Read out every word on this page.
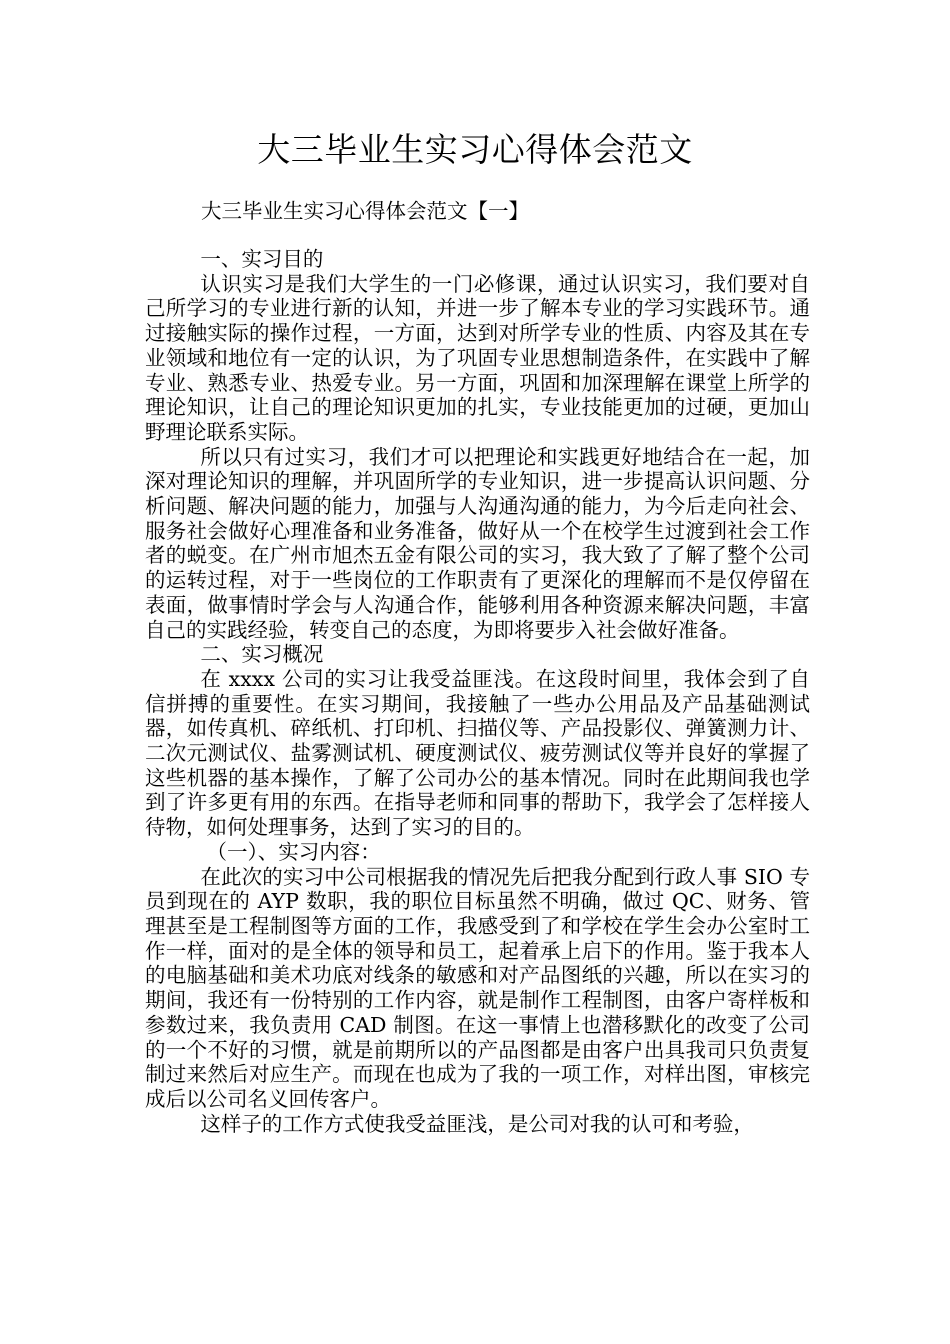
大三毕业生实习心得体会范文

大三毕业生实习心得体会范文【一】

一、实习目的

认识实习是我们大学生的一门必修课，通过认识实习，我们要对自己所学习的专业进行新的认知，并进一步了解本专业的学习实践环节。通过接触实际的操作过程，一方面，达到对所学专业的性质、内容及其在专业领域和地位有一定的认识，为了巩固专业思想制造条件，在实践中了解专业、熟悉专业、热爱专业。另一方面，巩固和加深理解在课堂上所学的理论知识，让自己的理论知识更加的扎实，专业技能更加的过硬，更加山野理论联系实际。

所以只有过实习，我们才可以把理论和实践更好地结合在一起，加深对理论知识的理解，并巩固所学的专业知识，进一步提高认识问题、分析问题、解决问题的能力，加强与人沟通沟通的能力，为今后走向社会、服务社会做好心理准备和业务准备，做好从一个在校学生过渡到社会工作者的蜕变。在广州市旭杰五金有限公司的实习，我大致了了解了整个公司的运转过程，对于一些岗位的工作职责有了更深化的理解而不是仅停留在表面，做事情时学会与人沟通合作，能够利用各种资源来解决问题，丰富自己的实践经验，转变自己的态度，为即将要步入社会做好准备。

二、实习概况

在 xxxx 公司的实习让我受益匪浅。在这段时间里，我体会到了自信拼搏的重要性。在实习期间，我接触了一些办公用品及产品基础测试器，如传真机、碎纸机、打印机、扫描仪等、产品投影仪、弹簧测力计、二次元测试仪、盐雾测试机、硬度测试仪、疲劳测试仪等并良好的掌握了这些机器的基本操作，了解了公司办公的基本情况。同时在此期间我也学到了许多更有用的东西。在指导老师和同事的帮助下，我学会了怎样接人待物，如何处理事务，达到了实习的目的。

（一）、实习内容：

在此次的实习中公司根据我的情况先后把我分配到行政人事 SIO 专员到现在的 AYP 数职，我的职位目标虽然不明确，做过 QC、财务、管理甚至是工程制图等方面的工作，我感受到了和学校在学生会办公室时工作一样，面对的是全体的领导和员工，起着承上启下的作用。鉴于我本人的电脑基础和美术功底对线条的敏感和对产品图纸的兴趣，所以在实习的期间，我还有一份特别的工作内容，就是制作工程制图，由客户寄样板和参数过来，我负责用 CAD 制图。在这一事情上也潜移默化的改变了公司的一个不好的习惯，就是前期所以的产品图都是由客户出具我司只负责复制过来然后对应生产。而现在也成为了我的一项工作，对样出图，审核完成后以公司名义回传客户。

这样子的工作方式使我受益匪浅，是公司对我的认可和考验，
